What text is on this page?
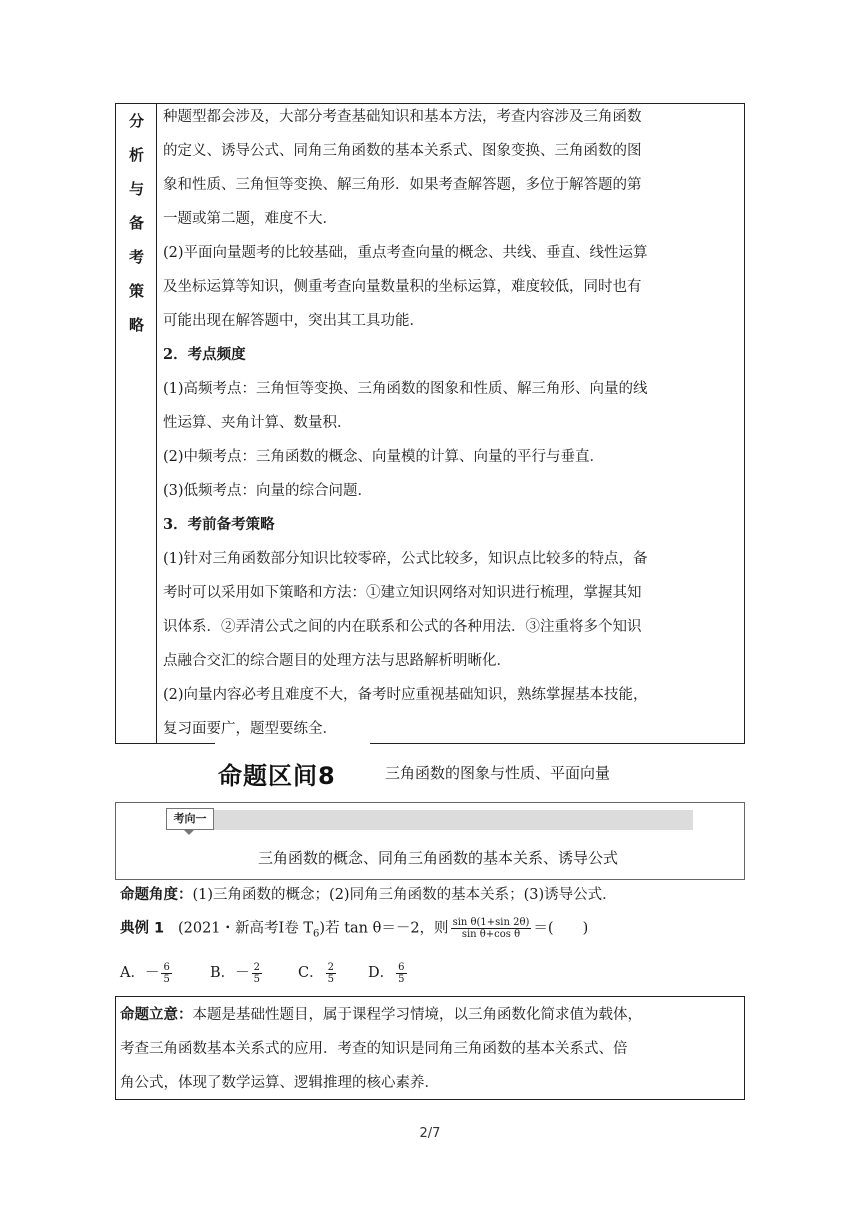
分
析
与
备
考
策
略
种题型都会涉及，大部分考查基础知识和基本方法，考查内容涉及三角函数
的定义、诱导公式、同角三角函数的基本关系式、图象变换、三角函数的图
象和性质、三角恒等变换、解三角形．如果考查解答题，多位于解答题的第
一题或第二题，难度不大．
(2)平面向量题考的比较基础，重点考查向量的概念、共线、垂直、线性运算
及坐标运算等知识，侧重考查向量数量积的坐标运算，难度较低，同时也有
可能出现在解答题中，突出其工具功能．
2．考点频度
(1)高频考点：三角恒等变换、三角函数的图象和性质、解三角形、向量的线
性运算、夹角计算、数量积．
(2)中频考点：三角函数的概念、向量模的计算、向量的平行与垂直．
(3)低频考点：向量的综合问题．
3．考前备考策略
(1)针对三角函数部分知识比较零碎，公式比较多，知识点比较多的特点，备
考时可以采用如下策略和方法：①建立知识网络对知识进行梳理，掌握其知
识体系．②弄清公式之间的内在联系和公式的各种用法．③注重将多个知识
点融合交汇的综合题目的处理方法与思路解析明晰化．
(2)向量内容必考且难度不大，备考时应重视基础知识，熟练掌握基本技能，
复习面要广，题型要练全．
命题区间8	三角函数的图象与性质、平面向量
考向一
三角函数的概念、同角三角函数的基本关系、诱导公式
命题角度：(1)三角函数的概念；(2)同角三角函数的基本关系；(3)诱导公式．
典例 1 (2021・新高考Ⅰ卷 $T_6$)若 tan θ＝－2，则 $\frac{\text{sin θ(1+sin 2θ)}}{\text{sin θ+cos θ}}$ ＝(　　)
A．－ $\frac{6}{5}$	B．－ $\frac{2}{5}$ C． $\frac{2}{5}$ D． $\frac{6}{5}$
命题立意：本题是基础性题目，属于课程学习情境，以三角函数化简求值为载体，
考查三角函数基本关系式的应用．考查的知识是同角三角函数的基本关系式、倍
角公式，体现了数学运算、逻辑推理的核心素养．
2/7
